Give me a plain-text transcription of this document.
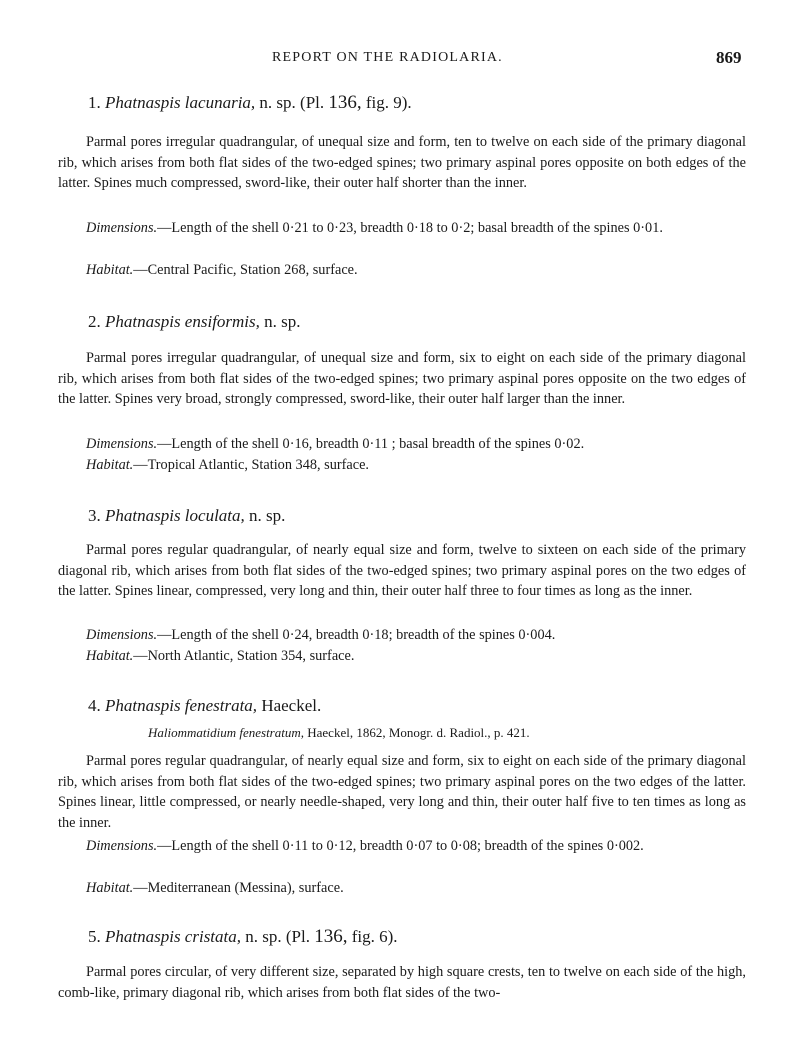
REPORT ON THE RADIOLARIA.	869
1. Phatnaspis lacunaria, n. sp. (Pl. 136, fig. 9).

Parmal pores irregular quadrangular, of unequal size and form, ten to twelve on each side of the primary diagonal rib, which arises from both flat sides of the two-edged spines; two primary aspinal pores opposite on both edges of the latter. Spines much compressed, sword-like, their outer half shorter than the inner.

Dimensions.—Length of the shell 0·21 to 0·23, breadth 0·18 to 0·2; basal breadth of the spines 0·01.

Habitat.—Central Pacific, Station 268, surface.

2. Phatnaspis ensiformis, n. sp.

Parmal pores irregular quadrangular, of unequal size and form, six to eight on each side of the primary diagonal rib, which arises from both flat sides of the two-edged spines; two primary aspinal pores opposite on the two edges of the latter. Spines very broad, strongly compressed, sword-like, their outer half larger than the inner.

Dimensions.—Length of the shell 0·16, breadth 0·11 ; basal breadth of the spines 0·02.

Habitat.—Tropical Atlantic, Station 348, surface.

3. Phatnaspis loculata, n. sp.

Parmal pores regular quadrangular, of nearly equal size and form, twelve to sixteen on each side of the primary diagonal rib, which arises from both flat sides of the two-edged spines; two primary aspinal pores on the two edges of the latter. Spines linear, compressed, very long and thin, their outer half three to four times as long as the inner.

Dimensions.—Length of the shell 0·24, breadth 0·18; breadth of the spines 0·004.

Habitat.—North Atlantic, Station 354, surface.

4. Phatnaspis fenestrata, Haeckel.
Haliommatidium fenestratum, Haeckel, 1862, Monogr. d. Radiol., p. 421.

Parmal pores regular quadrangular, of nearly equal size and form, six to eight on each side of the primary diagonal rib, which arises from both flat sides of the two-edged spines; two primary aspinal pores on the two edges of the latter. Spines linear, little compressed, or nearly needle-shaped, very long and thin, their outer half five to ten times as long as the inner.

Dimensions.—Length of the shell 0·11 to 0·12, breadth 0·07 to 0·08; breadth of the spines 0·002.

Habitat.—Mediterranean (Messina), surface.

5. Phatnaspis cristata, n. sp. (Pl. 136, fig. 6).

Parmal pores circular, of very different size, separated by high square crests, ten to twelve on each side of the high, comb-like, primary diagonal rib, which arises from both flat sides of the two-
